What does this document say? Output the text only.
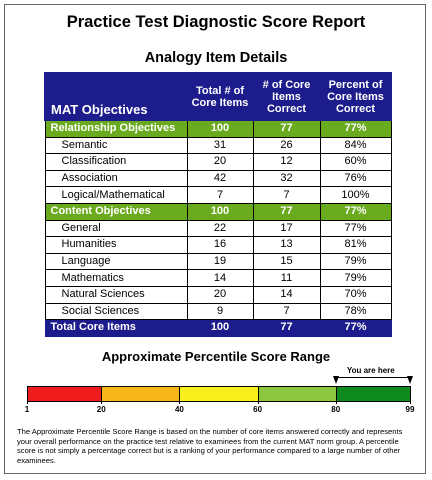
Practice Test Diagnostic Score Report
Analogy Item Details
MAT Objectives	Total # of Core Items	# of Core Items Correct	Percent of Core Items Correct
Relationship Objectives	100	77	77%
Semantic	31	26	84%
Classification	20	12	60%
Association	42	32	76%
Logical/Mathematical	7	7	100%
Content Objectives	100	77	77%
General	22	17	77%
Humanities	16	13	81%
Language	19	15	79%
Mathematics	14	11	79%
Natural Sciences	20	14	70%
Social Sciences	9	7	78%
Total Core Items	100	77	77%
Approximate Percentile Score Range
1	20	40	60	80	99
You are here
The Approximate Percentile Score Range is based on the number of core items answered correctly and represents your overall performance on the practice test relative to examinees from the current MAT norm group. A percentile score is not simply a percentage correct but is a ranking of your performance compared to a large number of other examinees.
